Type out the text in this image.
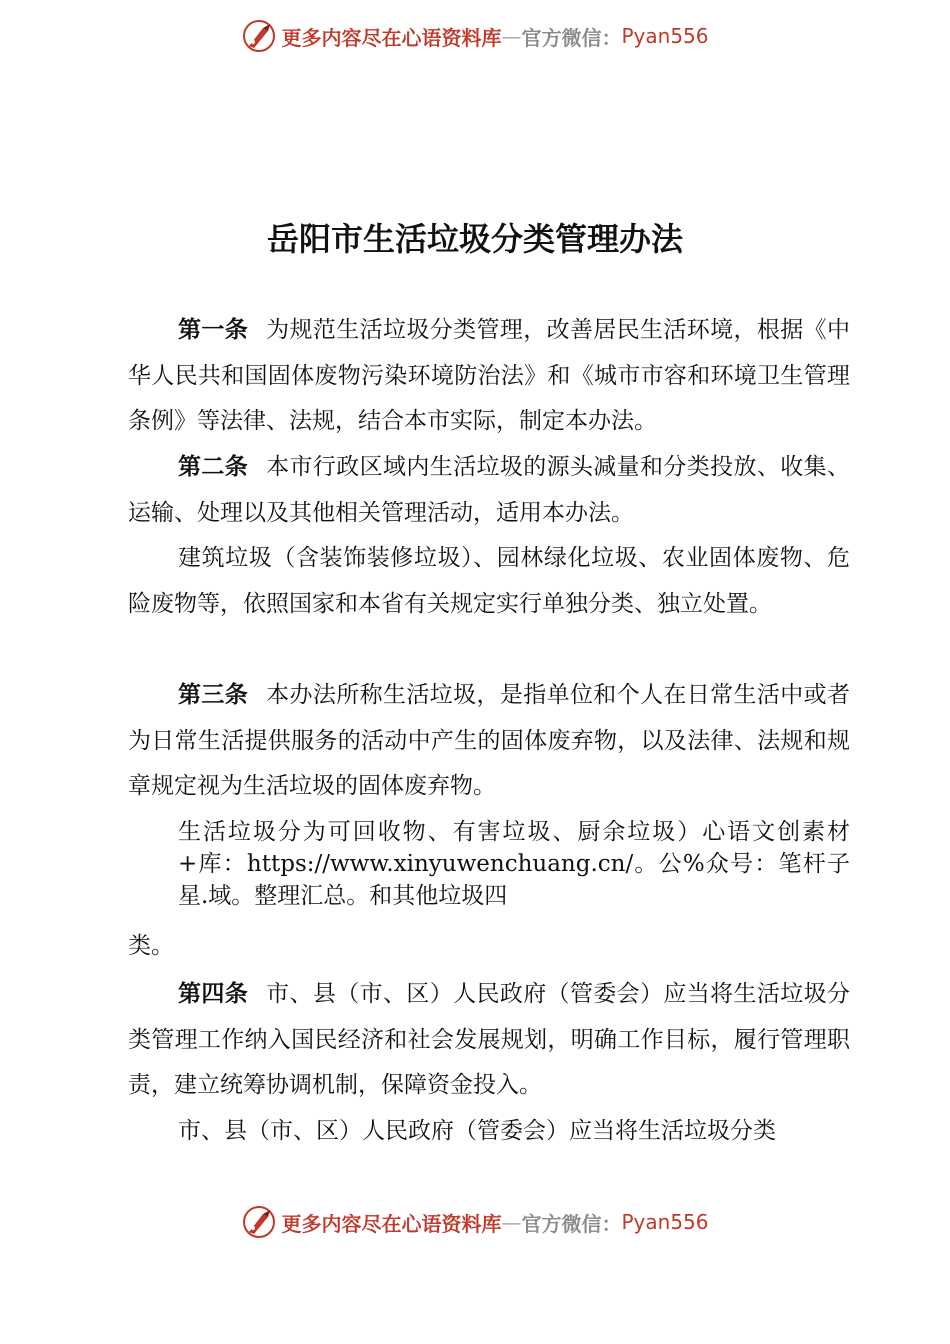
更多内容尽在心语资料库 — 官方微信： Pyan556
岳阳市生活垃圾分类管理办法

第一条 为规范生活垃圾分类管理，改善居民生活环境，根据《中华人民共和国固体废物污染环境防治法》和《城市市容和环境卫生管理条例》等法律、法规，结合本市实际，制定本办法。

第二条 本市行政区域内生活垃圾的源头减量和分类投放、收集、运输、处理以及其他相关管理活动，适用本办法。

建筑垃圾（含装饰装修垃圾）、园林绿化垃圾、农业固体废物、危险废物等，依照国家和本省有关规定实行单独分类、独立处置。

第三条 本办法所称生活垃圾，是指单位和个人在日常生活中或者为日常生活提供服务的活动中产生的固体废弃物，以及法律、法规和规章规定视为生活垃圾的固体废弃物。

生活垃圾分为可回收物、有害垃圾、厨余垃圾）心语文创素材+库：https://www.xinyuwenchuang.cn/。公%众号：笔杆子星.域。整理汇总。和其他垃圾四

类。

第四条 市、县（市、区）人民政府（管委会）应当将生活垃圾分类管理工作纳入国民经济和社会发展规划，明确工作目标，履行管理职责，建立统筹协调机制，保障资金投入。

市、县（市、区）人民政府（管委会）应当将生活垃圾分类

更多内容尽在心语资料库 — 官方微信： Pyan556
